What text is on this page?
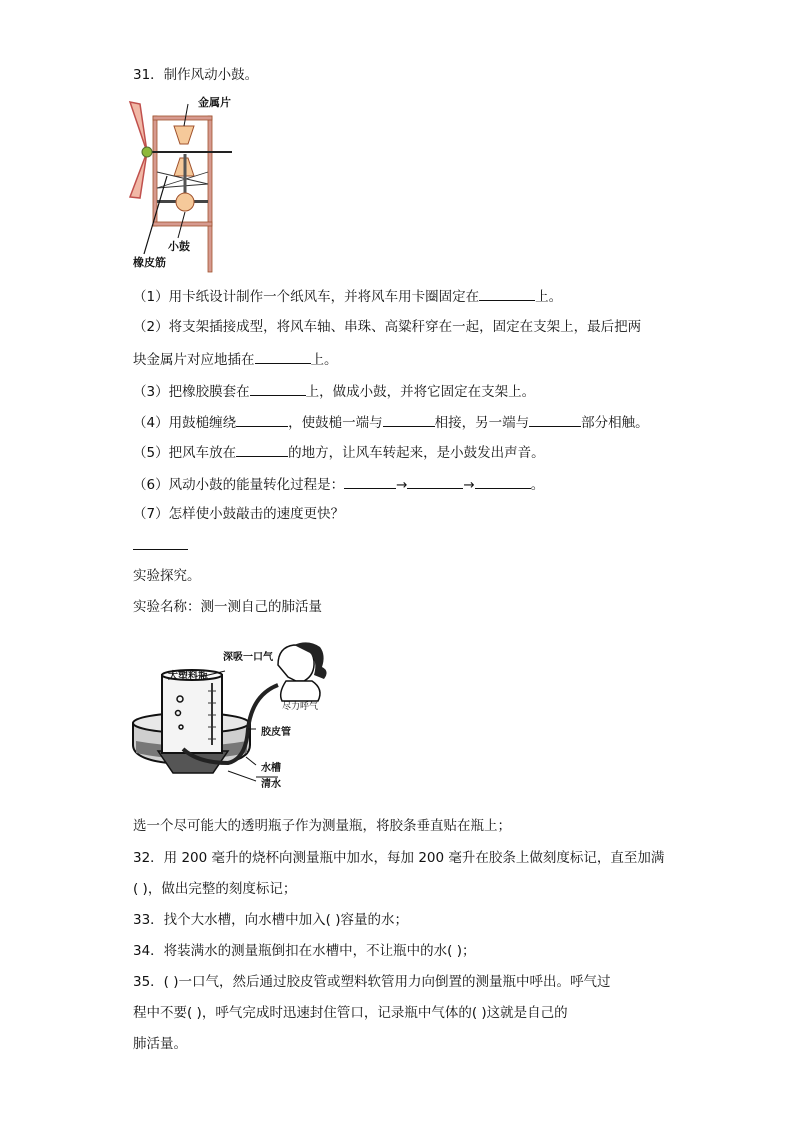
31．制作风动小鼓。
金属片
小鼓
橡皮筋
（1）用卡纸设计制作一个纸风车，并将风车用卡圈固定在	上。
（2）将支架插接成型，将风车轴、串珠、高粱秆穿在一起，固定在支架上，最后把两
块金属片对应地插在	上。
（3）把橡胶膜套在	上，做成小鼓，并将它固定在支架上。
（4）用鼓槌缠绕	，使鼓槌一端与	相接，另一端与	部分相触。
（5）把风车放在	的地方，让风车转起来，是小鼓发出声音。
（6）风动小鼓的能量转化过程是：	→	→	。
（7）怎样使小鼓敲击的速度更快？
实验探究。
实验名称：测一测自己的肺活量
深吸一口气
大塑料瓶
尽力呼气
胶皮管
水槽
清水
选一个尽可能大的透明瓶子作为测量瓶，将胶条垂直贴在瓶上；
32．用 200 毫升的烧杯向测量瓶中加水，每加 200 毫升在胶条上做刻度标记，直至加满
( )，做出完整的刻度标记；
33．找个大水槽，向水槽中加入( )容量的水；
34．将装满水的测量瓶倒扣在水槽中，不让瓶中的水( )；
35．( )一口气，然后通过胶皮管或塑料软管用力向倒置的测量瓶中呼出。呼气过
程中不要( )，呼气完成时迅速封住管口，记录瓶中气体的( )这就是自己的
肺活量。
